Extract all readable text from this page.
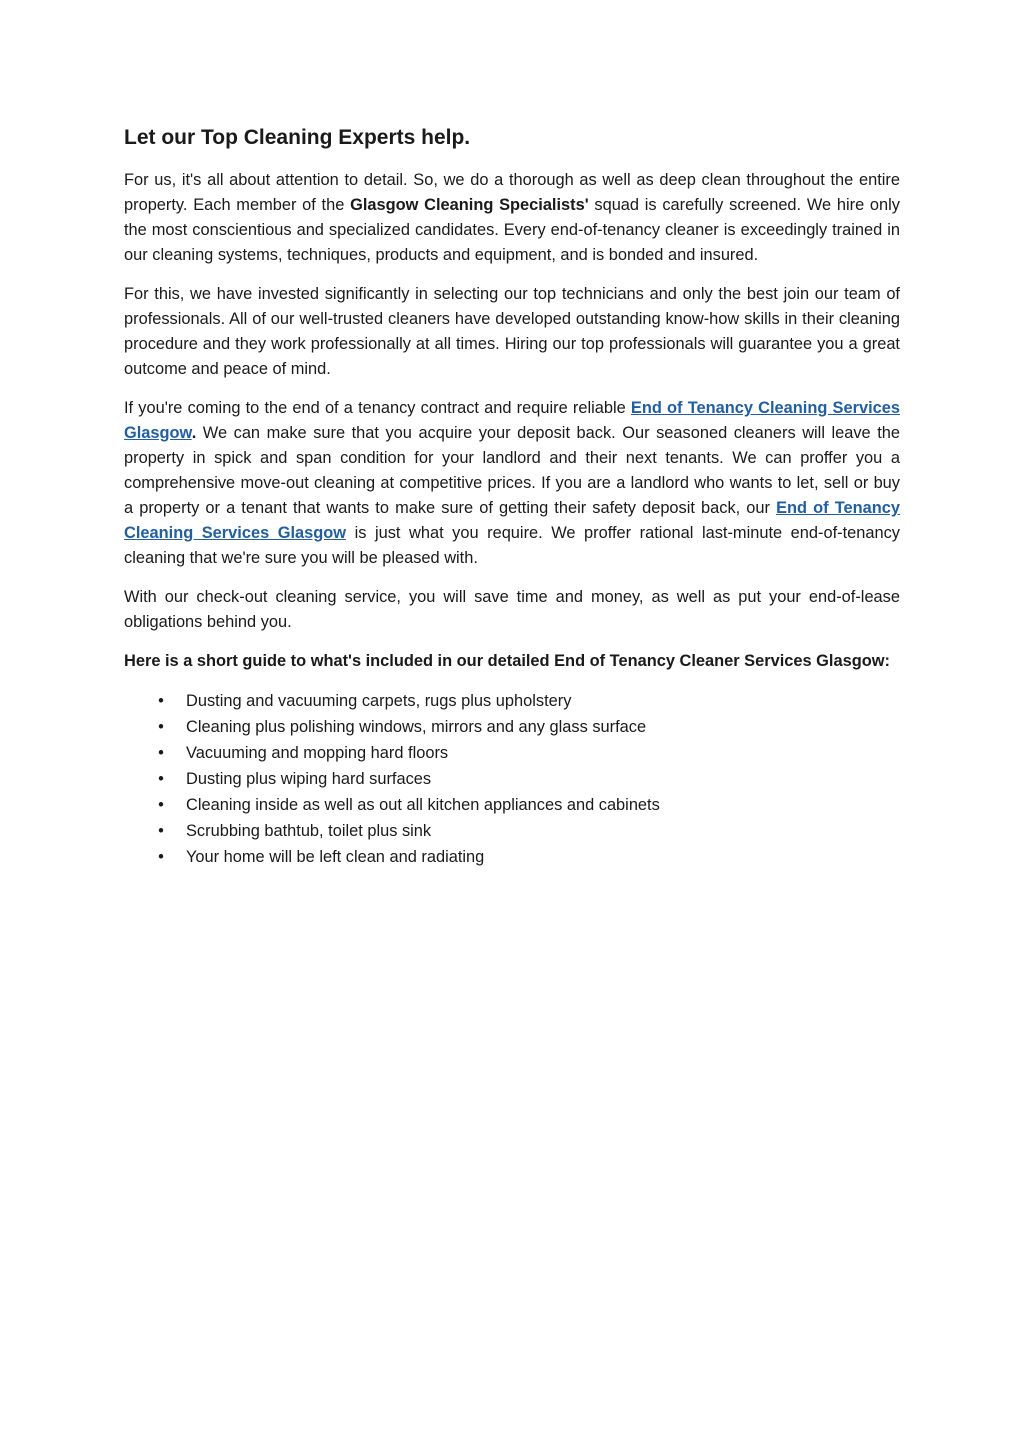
Let our Top Cleaning Experts help.

For us, it's all about attention to detail. So, we do a thorough as well as deep clean throughout the entire property. Each member of the Glasgow Cleaning Specialists' squad is carefully screened. We hire only the most conscientious and specialized candidates. Every end-of-tenancy cleaner is exceedingly trained in our cleaning systems, techniques, products and equipment, and is bonded and insured.

For this, we have invested significantly in selecting our top technicians and only the best join our team of professionals. All of our well-trusted cleaners have developed outstanding know-how skills in their cleaning procedure and they work professionally at all times. Hiring our top professionals will guarantee you a great outcome and peace of mind.

If you're coming to the end of a tenancy contract and require reliable End of Tenancy Cleaning Services Glasgow. We can make sure that you acquire your deposit back. Our seasoned cleaners will leave the property in spick and span condition for your landlord and their next tenants. We can proffer you a comprehensive move-out cleaning at competitive prices. If you are a landlord who wants to let, sell or buy a property or a tenant that wants to make sure of getting their safety deposit back, our End of Tenancy Cleaning Services Glasgow is just what you require. We proffer rational last-minute end-of-tenancy cleaning that we're sure you will be pleased with.

With our check-out cleaning service, you will save time and money, as well as put your end-of-lease obligations behind you.

Here is a short guide to what's included in our detailed End of Tenancy Cleaner Services Glasgow:

• Dusting and vacuuming carpets, rugs plus upholstery
• Cleaning plus polishing windows, mirrors and any glass surface
• Vacuuming and mopping hard floors
• Dusting plus wiping hard surfaces
• Cleaning inside as well as out all kitchen appliances and cabinets
• Scrubbing bathtub, toilet plus sink
• Your home will be left clean and radiating
